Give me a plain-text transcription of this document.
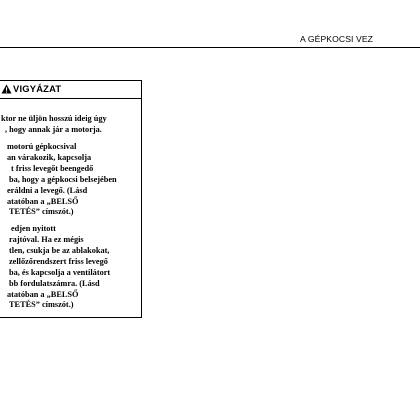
A GÉPKOCSI VEZ
VIGYÁZAT
ktor ne üljön hosszú ideig úgy
, hogy annak jár a motorja.
motorú gépkocsival
an várakozik, kapcsolja
t friss levegőt beengedő
ba, hogy a gépkocsi belsejében
eráldni a levegő. (Lásd
atatóban a „BELSŐ
TETÉS” címszót.)
edjen nyitott
rajtóval. Ha ez mégis
tlen, csukja be az ablakokat,
zellőzőrendszert friss levegő
ba, és kapcsolja a ventilátort
bb fordulatszámra. (Lásd
atatóban a „BELSŐ
TETÉS” címszót.)
